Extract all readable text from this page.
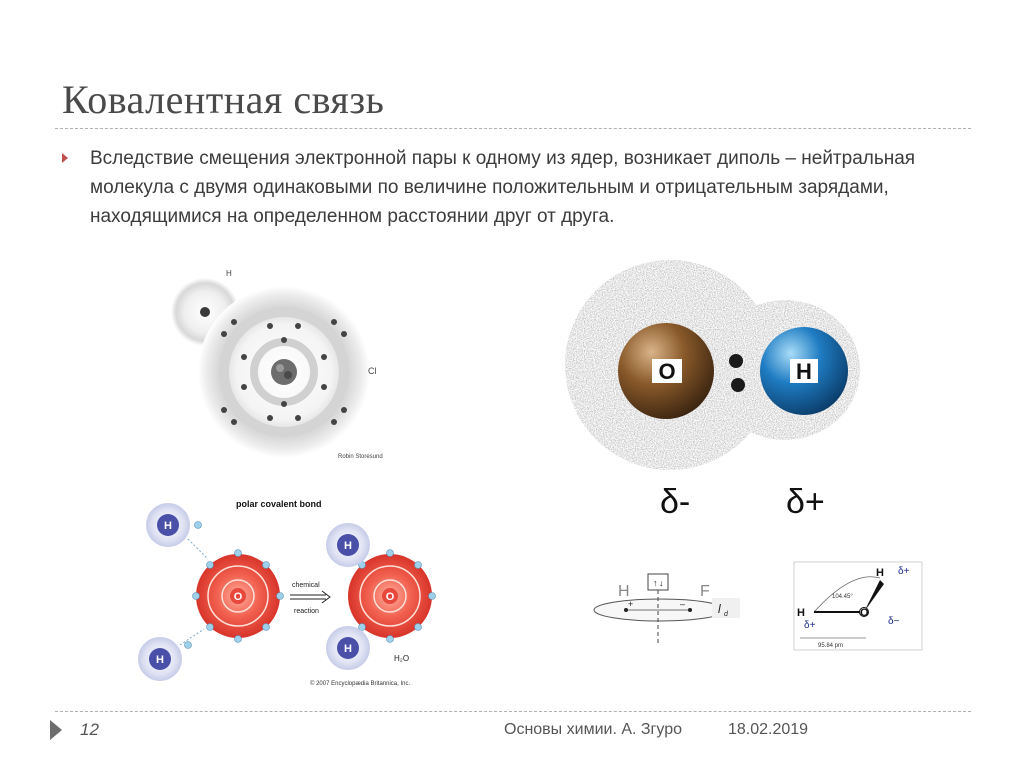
Ковалентная связь

Вследствие смещения электронной пары к одному из ядер, возникает диполь – нейтральная молекула с двумя одинаковыми по величине положительным и отрицательным зарядами, находящимися на определенном расстоянии друг от друга.

H
Cl
Robin Storesund
O	H
δ-	δ+
polar covalent bond
O
H
H
chemical
reaction
O
H
H
H₂O
© 2007 Encyclopædia Britannica, Inc.
H	F
↑ ↓
+	–	l d	O
H
H
δ+
δ+	δ−
104.45°
95.84 pm
12	Основы химии. А. Згуро	18.02.2019
